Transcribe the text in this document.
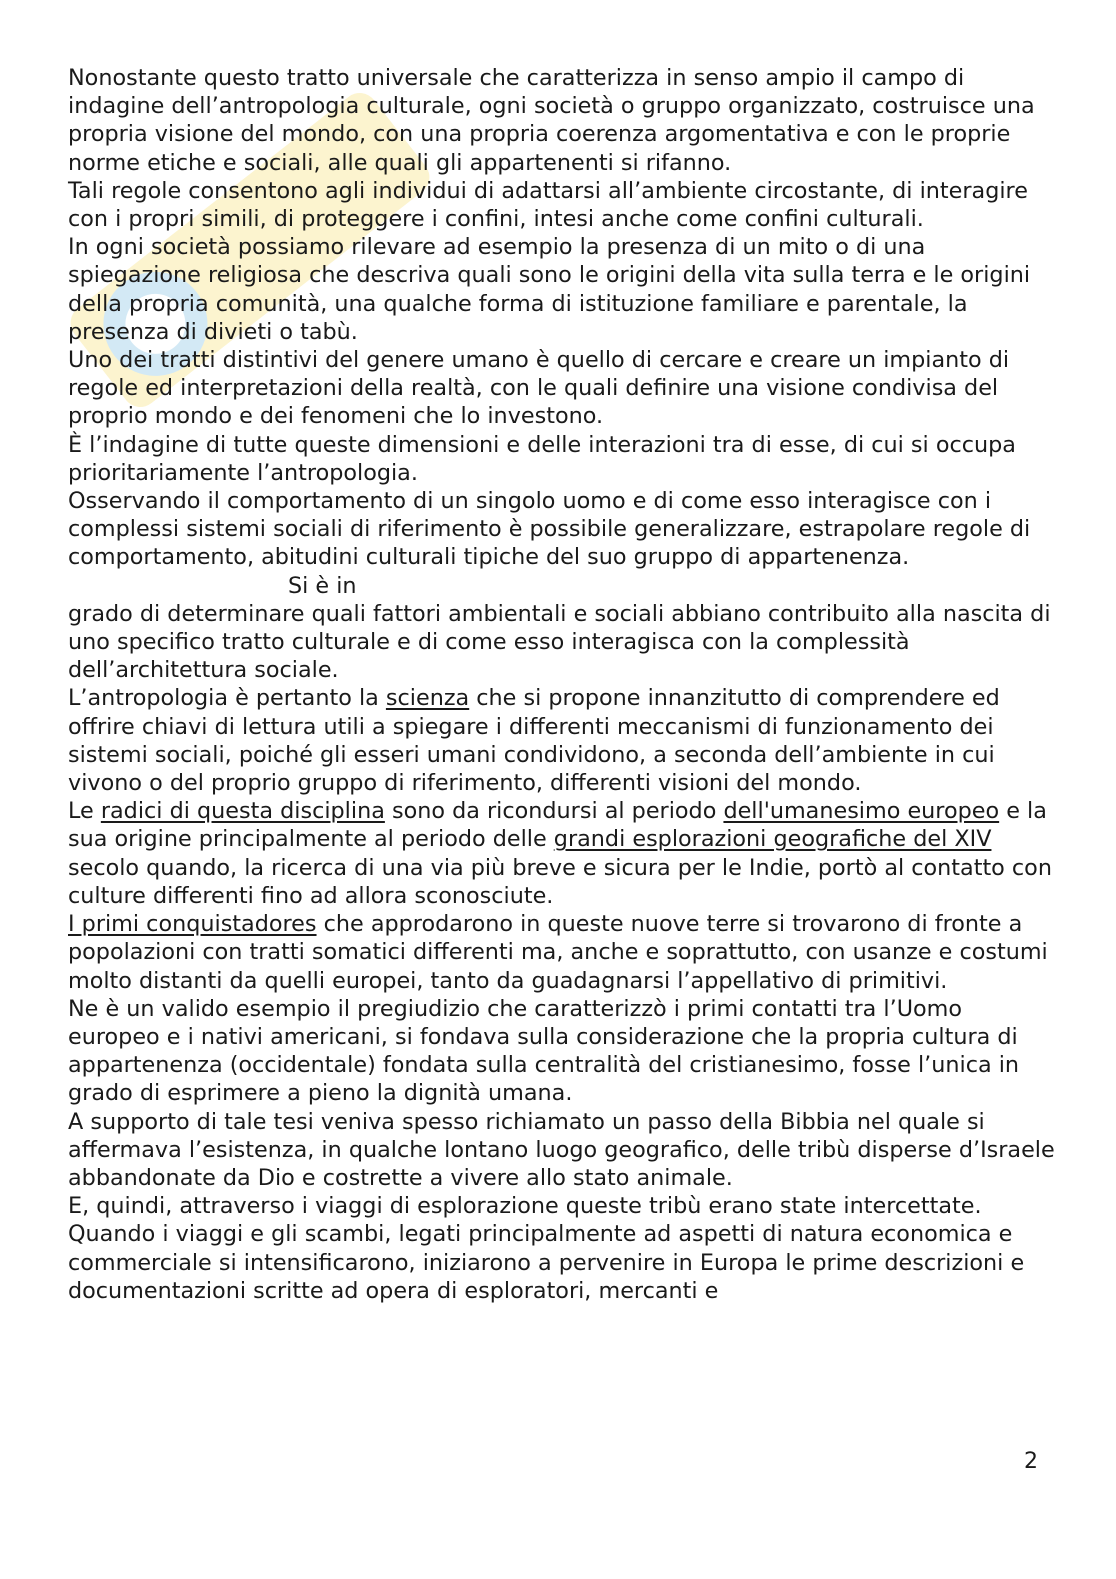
Nonostante questo tratto universale che caratterizza in senso ampio il campo di indagine dell’antropologia culturale, ogni società o gruppo organizzato, costruisce una propria visione del mondo, con una propria coerenza argomentativa e con le proprie norme etiche e sociali, alle quali gli appartenenti si rifanno.

Tali regole consentono agli individui di adattarsi all’ambiente circostante, di interagire con i propri simili, di proteggere i confini, intesi anche come confini culturali.

In ogni società possiamo rilevare ad esempio la presenza di un mito o di una spiegazione religiosa che descriva quali sono le origini della vita sulla terra e le origini della propria comunità, una qualche forma di istituzione familiare e parentale, la presenza di divieti o tabù.

Uno dei tratti distintivi del genere umano è quello di cercare e creare un impianto di regole ed interpretazioni della realtà, con le quali definire una visione condivisa del proprio mondo e dei fenomeni che lo investono.

È l’indagine di tutte queste dimensioni e delle interazioni tra di esse, di cui si occupa prioritariamente l’antropologia.

Osservando il comportamento di un singolo uomo e di come esso interagisce con i complessi sistemi sociali di riferimento è possibile generalizzare, estrapolare regole di comportamento, abitudini culturali tipiche del suo gruppo di appartenenza.Si è in
grado di determinare quali fattori ambientali e sociali abbiano contribuito alla nascita di uno specifico tratto culturale e di come esso interagisca con la complessità dell’architettura sociale.

L’antropologia è pertanto la scienza che si propone innanzitutto di comprendere ed offrire chiavi di lettura utili a spiegare i differenti meccanismi di funzionamento dei sistemi sociali, poiché gli esseri umani condividono, a seconda dell’ambiente in cui vivono o del proprio gruppo di riferimento, differenti visioni del mondo.

Le radici di questa disciplina sono da ricondursi al periodo dell'umanesimo europeo e la sua origine principalmente al periodo delle grandi esplorazioni geografiche del XIV secolo quando, la ricerca di una via più breve e sicura per le Indie, portò al contatto con culture differenti fino ad allora sconosciute.

I primi conquistadores che approdarono in queste nuove terre si trovarono di fronte a popolazioni con tratti somatici differenti ma, anche e soprattutto, con usanze e costumi molto distanti da quelli europei, tanto da guadagnarsi l’appellativo di primitivi.

Ne è un valido esempio il pregiudizio che caratterizzò i primi contatti tra l’Uomo europeo e i nativi americani, si fondava sulla considerazione che la propria cultura di appartenenza (occidentale) fondata sulla centralità del cristianesimo, fosse l’unica in grado di esprimere a pieno la dignità umana.

A supporto di tale tesi veniva spesso richiamato un passo della Bibbia nel quale si affermava l’esistenza, in qualche lontano luogo geografico, delle tribù disperse d’Israele abbandonate da Dio e costrette a vivere allo stato animale.

E, quindi, attraverso i viaggi di esplorazione queste tribù erano state intercettate.

Quando i viaggi e gli scambi, legati principalmente ad aspetti di natura economica e commerciale si intensificarono, iniziarono a pervenire in Europa le prime descrizioni e documentazioni scritte ad opera di esploratori, mercanti e

2
